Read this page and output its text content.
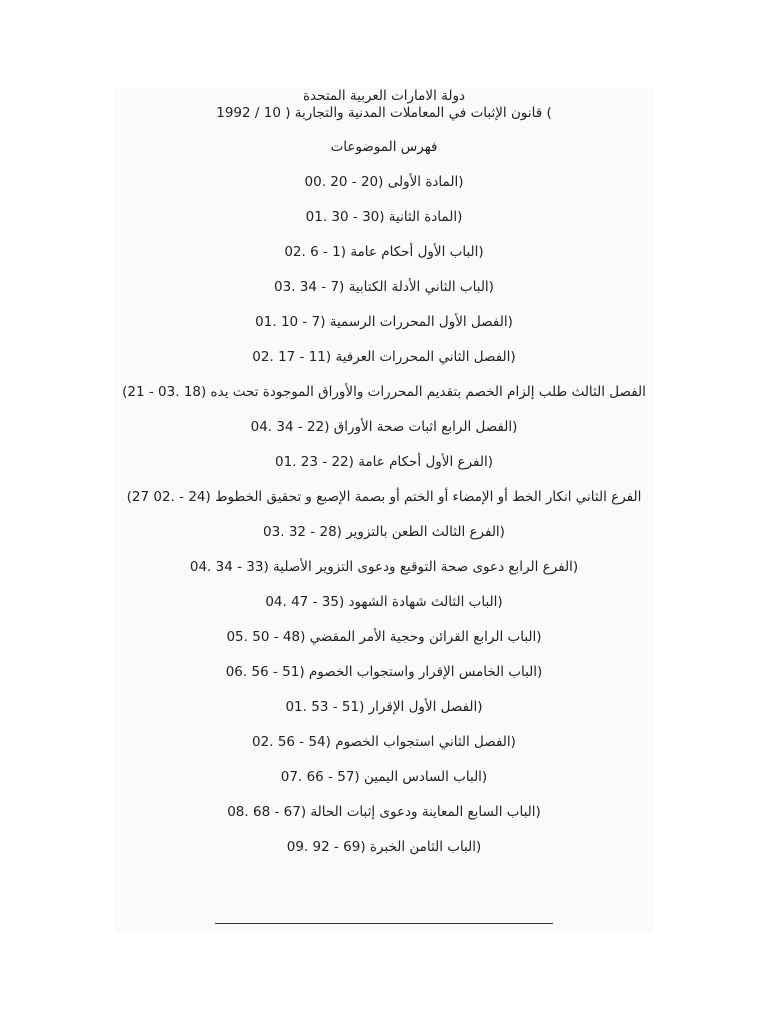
دولة الامارات العربية المتحدة

) قانون الإثبات في المعاملات المدنية والتجارية ( 10 / 1992

فهرس الموضوعات

(المادة الأولى (20 - 20 .00

(المادة الثانية (30 - 30 .01

(الباب الأول أحكام عامة (1 - 6 .02

(الباب الثاني الأدلة الكتابية (7 - 34 .03

(الفصل الأول المحررات الرسمية (7 - 10 .01

(الفصل الثاني المحررات العرفية (11 - 17 .02

الفصل الثالث طلب إلزام الخصم بتقديم المحررات والأوراق الموجودة تحت يده (18 .03 - 21)

(الفصل الرابع اثبات صحة الأوراق (22 - 34 .04

(الفرع الأول أحكام عامة (22 - 23 .01

الفرع الثاني انكار الخط أو الإمضاء أو الختم أو بصمة الإصبع و تحقيق الخطوط (24 - .02 27)

(الفرع الثالث الطعن بالتزوير (28 - 32 .03

(الفرع الرابع دعوى صحة التوقيع ودعوى التزوير الأصلية (33 - 34 .04

(الباب الثالث شهادة الشهود (35 - 47 .04

(الباب الرابع القرائن وحجية الأمر المقضي (48 - 50 .05

(الباب الخامس الإقرار واستجواب الخصوم (51 - 56 .06

(الفصل الأول الإقرار (51 - 53 .01

(الفصل الثاني استجواب الخصوم (54 - 56 .02

(الباب السادس اليمين (57 - 66 .07

(الباب السابع المعاينة ودعوى إثبات الحالة (67 - 68 .08

(الباب الثامن الخبرة (69 - 92 .09
